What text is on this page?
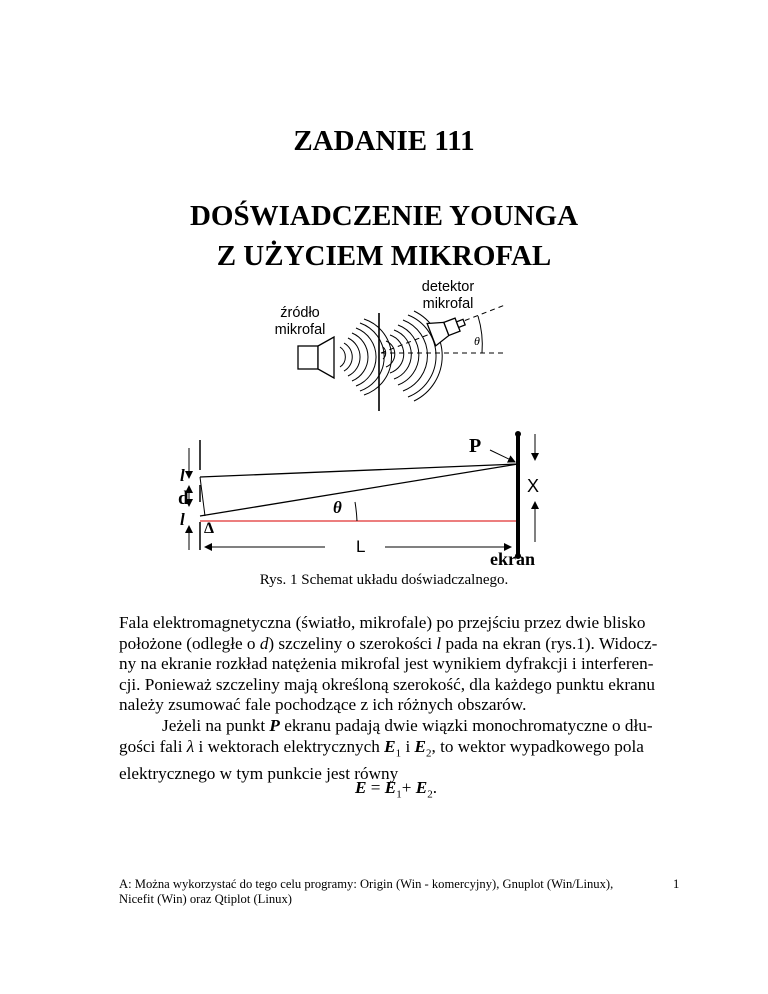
ZADANIE 111
DOŚWIADCZENIE YOUNGA
Z UŻYCIEM MIKROFAL
θ
źródło
mikrofal
detektor
mikrofal
l
d
l Δ
θ
L
P
X
ekran
Rys. 1 Schemat układu doświadczalnego.
Fala elektromagnetyczna (światło, mikrofale) po przejściu przez dwie blisko
położone (odległe o d) szczeliny o szerokości l pada na ekran (rys.1). Widocz-
ny na ekranie rozkład natężenia mikrofal jest wynikiem dyfrakcji i interferen-
cji. Ponieważ szczeliny mają określoną szerokość, dla każdego punktu ekranu
należy zsumować fale pochodzące z ich różnych obszarów.
Jeżeli na punkt P ekranu padają dwie wiązki monochromatyczne o dłu-
gości fali λ i wektorach elektrycznych $E_1$ i $E_2$, to wektor wypadkowego pola
elektrycznego w tym punkcie jest równy
$E = E_1+ E_2$.
A: Można wykorzystać do tego celu programy: Origin (Win - komercyjny), Gnuplot (Win/Linux),
Nicefit (Win) oraz Qtiplot (Linux)
1
